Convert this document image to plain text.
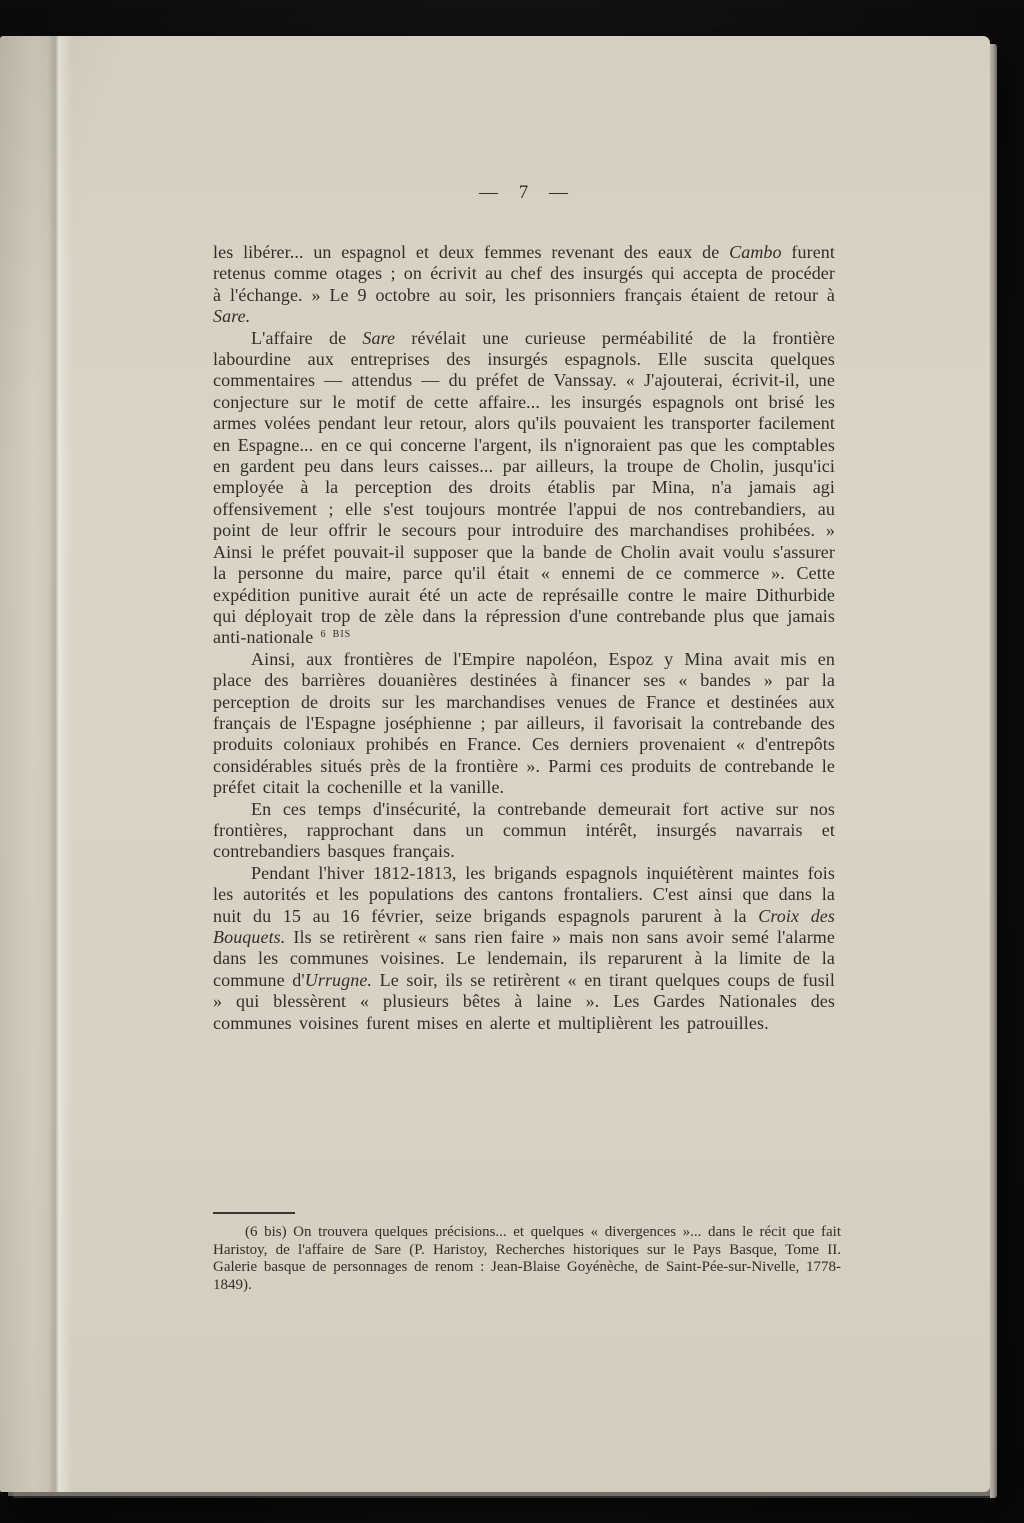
— 7 —

les libérer... un espagnol et deux femmes revenant des eaux de Cambo furent retenus comme otages ; on écrivit au chef des insurgés qui accepta de procéder à l'échange. » Le 9 octobre au soir, les prisonniers français étaient de retour à Sare.

L'affaire de Sare révélait une curieuse perméabilité de la frontière labourdine aux entreprises des insurgés espagnols. Elle suscita quelques commentaires — attendus — du préfet de Vanssay. « J'ajouterai, écrivit-il, une conjecture sur le motif de cette affaire... les insurgés espagnols ont brisé les armes volées pendant leur retour, alors qu'ils pouvaient les transporter facilement en Espagne... en ce qui concerne l'argent, ils n'ignoraient pas que les comptables en gardent peu dans leurs caisses... par ailleurs, la troupe de Cholin, jusqu'ici employée à la perception des droits établis par Mina, n'a jamais agi offensivement ; elle s'est toujours montrée l'appui de nos contrebandiers, au point de leur offrir le secours pour introduire des marchandises prohibées. » Ainsi le préfet pouvait-il supposer que la bande de Cholin avait voulu s'assurer la personne du maire, parce qu'il était « ennemi de ce commerce ». Cette expédition punitive aurait été un acte de représaille contre le maire Dithurbide qui déployait trop de zèle dans la répression d'une contrebande plus que jamais anti-nationale $^{6 BIS}$

Ainsi, aux frontières de l'Empire napoléon, Espoz y Mina avait mis en place des barrières douanières destinées à financer ses « bandes » par la perception de droits sur les marchandises venues de France et destinées aux français de l'Espagne joséphienne ; par ailleurs, il favorisait la contrebande des produits coloniaux prohibés en France. Ces derniers provenaient « d'entrepôts considérables situés près de la frontière ». Parmi ces produits de contrebande le préfet citait la cochenille et la vanille.

En ces temps d'insécurité, la contrebande demeurait fort active sur nos frontières, rapprochant dans un commun intérêt, insurgés navarrais et contrebandiers basques français.

Pendant l'hiver 1812-1813, les brigands espagnols inquiétèrent maintes fois les autorités et les populations des cantons frontaliers. C'est ainsi que dans la nuit du 15 au 16 février, seize brigands espagnols parurent à la Croix des Bouquets. Ils se retirèrent « sans rien faire » mais non sans avoir semé l'alarme dans les communes voisines. Le lendemain, ils reparurent à la limite de la commune d'Urrugne. Le soir, ils se retirèrent « en tirant quelques coups de fusil » qui blessèrent « plusieurs bêtes à laine ». Les Gardes Nationales des communes voisines furent mises en alerte et multiplièrent les patrouilles.

(6 bis) On trouvera quelques précisions... et quelques « divergences »... dans le récit que fait Haristoy, de l'affaire de Sare (P. Haristoy, Recherches historiques sur le Pays Basque, Tome II. Galerie basque de personnages de renom : Jean-Blaise Goyénèche, de Saint-Pée-sur-Nivelle, 1778-1849).
